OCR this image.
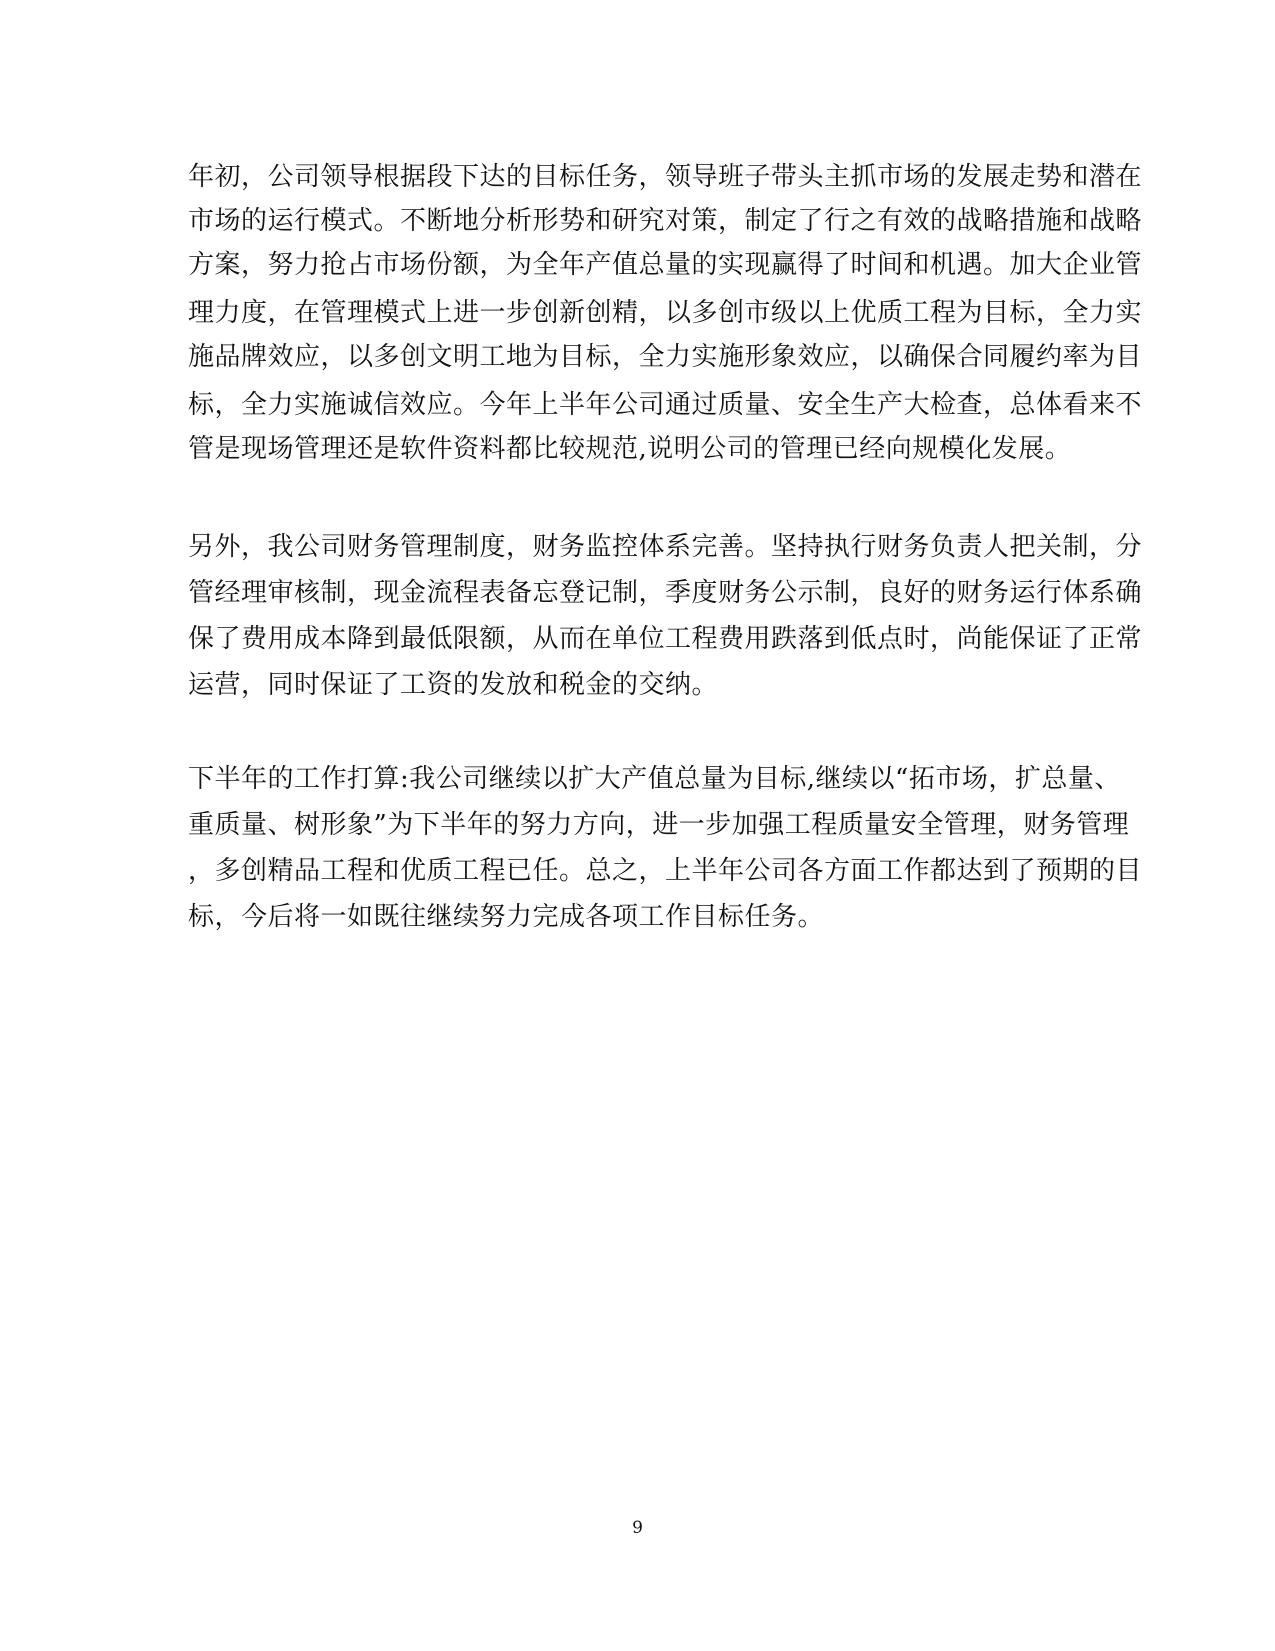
年初，公司领导根据段下达的目标任务，领导班子带头主抓市场的发展走势和潜在
市场的运行模式。不断地分析形势和研究对策，制定了行之有效的战略措施和战略
方案，努力抢占市场份额，为全年产值总量的实现赢得了时间和机遇。加大企业管
理力度，在管理模式上进一步创新创精，以多创市级以上优质工程为目标，全力实
施品牌效应，以多创文明工地为目标，全力实施形象效应，以确保合同履约率为目
标，全力实施诚信效应。今年上半年公司通过质量、安全生产大检查，总体看来不
管是现场管理还是软件资料都比较规范,说明公司的管理已经向规模化发展。
另外，我公司财务管理制度，财务监控体系完善。坚持执行财务负责人把关制，分
管经理审核制，现金流程表备忘登记制，季度财务公示制，良好的财务运行体系确
保了费用成本降到最低限额，从而在单位工程费用跌落到低点时，尚能保证了正常
运营，同时保证了工资的发放和税金的交纳。
下半年的工作打算:我公司继续以扩大产值总量为目标,继续以“拓市场，扩总量、
重质量、树形象”为下半年的努力方向，进一步加强工程质量安全管理，财务管理
，多创精品工程和优质工程已任。总之，上半年公司各方面工作都达到了预期的目
标，今后将一如既往继续努力完成各项工作目标任务。
9
